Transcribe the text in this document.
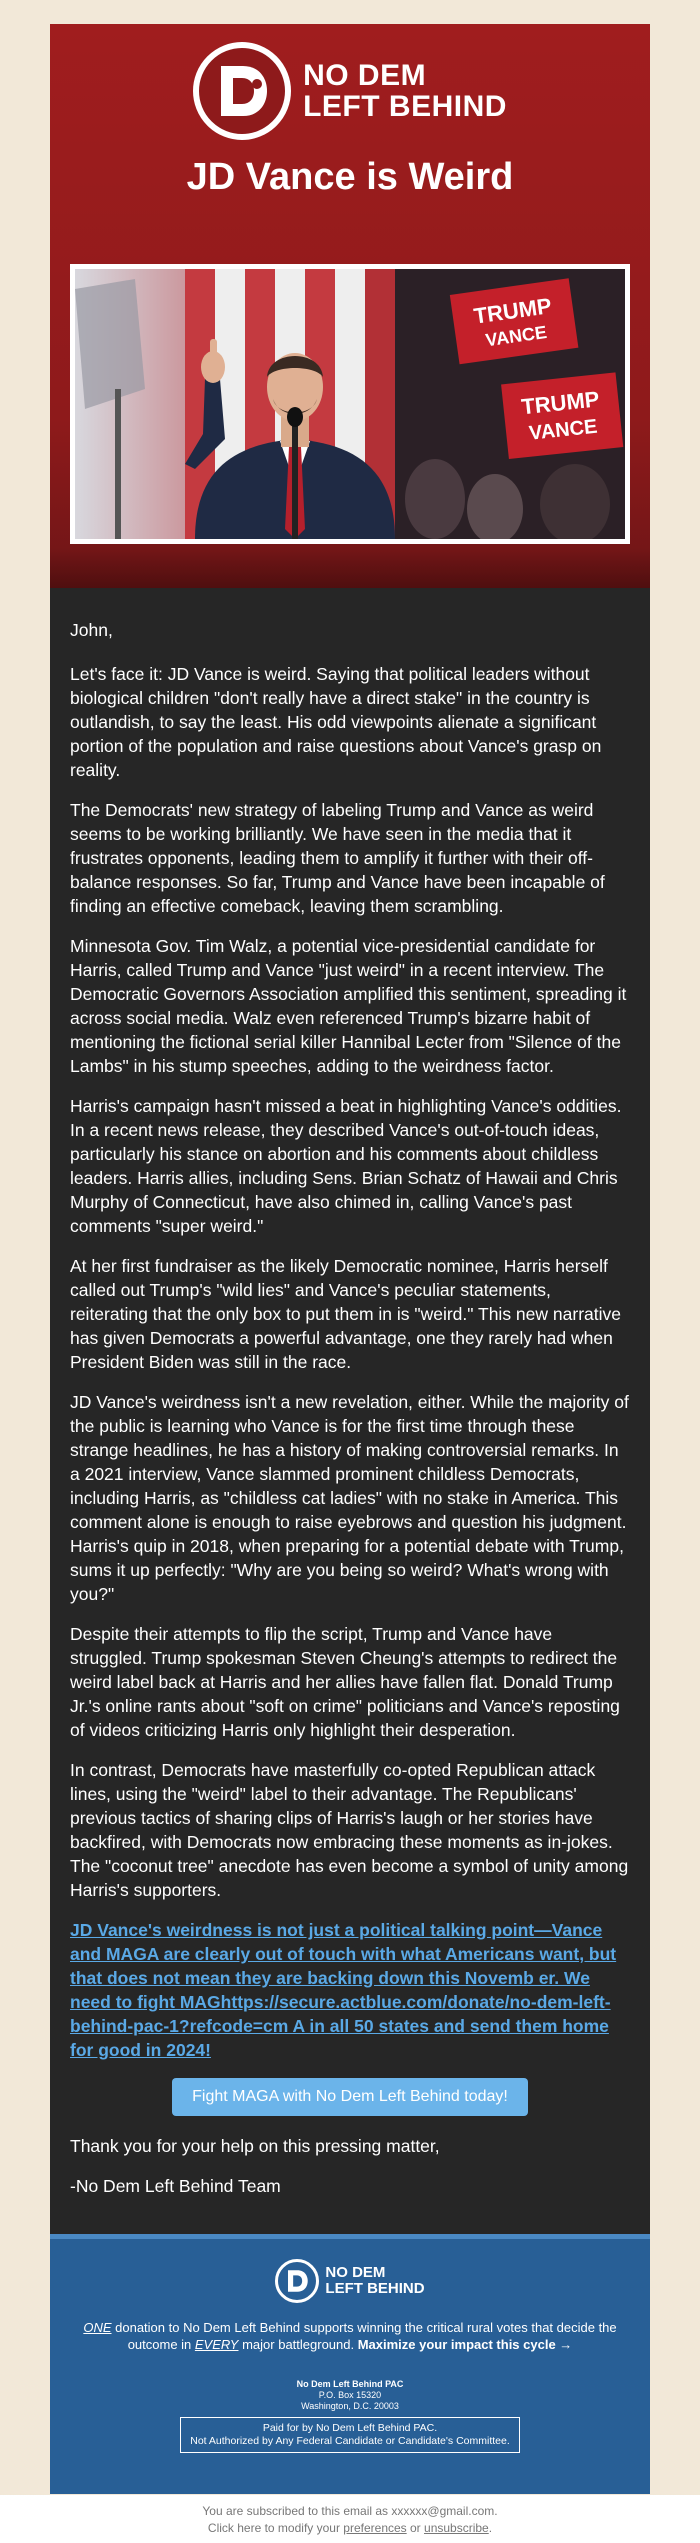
NO DEM
LEFT BEHIND
JD Vance is Weird
TRUMP
VANCE
TRUMP
VANCE

John,

Let's face it: JD Vance is weird. Saying that political leaders without biological children "don't really have a direct stake" in the country is outlandish, to say the least. His odd viewpoints alienate a significant portion of the population and raise questions about Vance's grasp on reality.

The Democrats' new strategy of labeling Trump and Vance as weird seems to be working brilliantly. We have seen in the media that it frustrates opponents, leading them to amplify it further with their off-balance responses. So far, Trump and Vance have been incapable of finding an effective comeback, leaving them scrambling.

Minnesota Gov. Tim Walz, a potential vice-presidential candidate for Harris, called Trump and Vance "just weird" in a recent interview. The Democratic Governors Association amplified this sentiment, spreading it across social media. Walz even referenced Trump's bizarre habit of mentioning the fictional serial killer Hannibal Lecter from "Silence of the Lambs" in his stump speeches, adding to the weirdness factor.

Harris's campaign hasn't missed a beat in highlighting Vance's oddities. In a recent news release, they described Vance's out-of-touch ideas, particularly his stance on abortion and his comments about childless leaders. Harris allies, including Sens. Brian Schatz of Hawaii and Chris Murphy of Connecticut, have also chimed in, calling Vance's past comments "super weird."

At her first fundraiser as the likely Democratic nominee, Harris herself called out Trump's "wild lies" and Vance's peculiar statements, reiterating that the only box to put them in is "weird." This new narrative has given Democrats a powerful advantage, one they rarely had when President Biden was still in the race.

JD Vance's weirdness isn't a new revelation, either. While the majority of the public is learning who Vance is for the first time through these strange headlines, he has a history of making controversial remarks. In a 2021 interview, Vance slammed prominent childless Democrats, including Harris, as "childless cat ladies" with no stake in America. This comment alone is enough to raise eyebrows and question his judgment. Harris's quip in 2018, when preparing for a potential debate with Trump, sums it up perfectly: "Why are you being so weird? What's wrong with you?"

Despite their attempts to flip the script, Trump and Vance have struggled. Trump spokesman Steven Cheung's attempts to redirect the weird label back at Harris and her allies have fallen flat. Donald Trump Jr.'s online rants about "soft on crime" politicians and Vance's reposting of videos criticizing Harris only highlight their desperation.

In contrast, Democrats have masterfully co-opted Republican attack lines, using the "weird" label to their advantage. The Republicans' previous tactics of sharing clips of Harris's laugh or her stories have backfired, with Democrats now embracing these moments as in-jokes. The "coconut tree" anecdote has even become a symbol of unity among Harris's supporters.

JD Vance's weirdness is not just a political talking point—Vance and MAGA are clearly out of touch with what Americans want, but that does not mean they are backing down this Novemb er. We need to fight MAGhttps://secure.actblue.com/donate/no-dem-left-behind-pac-1?refcode=cm A in all 50 states and send them home for good in 2024!

Fight MAGA with No Dem Left Behind today!

Thank you for your help on this pressing matter,

-No Dem Left Behind Team

NO DEM
LEFT BEHIND
ONE donation to No Dem Left Behind supports winning the critical rural votes that decide the outcome in EVERY major battleground. Maximize your impact this cycle →
No Dem Left Behind PAC
P.O. Box 15320
Washington, D.C. 20003
Paid for by No Dem Left Behind PAC.
Not Authorized by Any Federal Candidate or Candidate's Committee.
You are subscribed to this email as xxxxxx@gmail.com.
Click here to modify your preferences or unsubscribe.
